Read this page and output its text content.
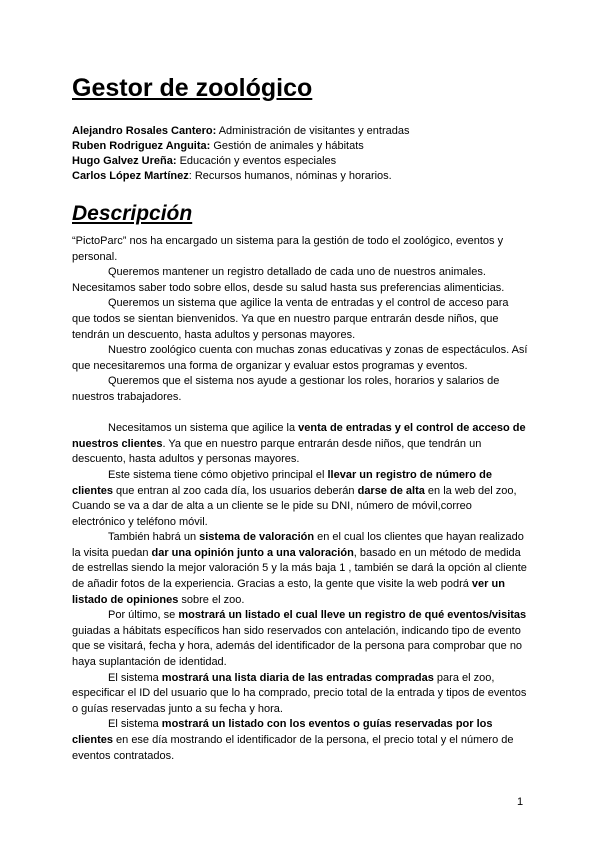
Gestor de zoológico
Alejandro Rosales Cantero: Administración de visitantes y entradas
Ruben Rodriguez Anguita: Gestión de animales y hábitats
Hugo Galvez Ureña: Educación y eventos especiales
Carlos López Martínez: Recursos humanos, nóminas y horarios.
Descripción

“PictoParc” nos ha encargado un sistema para la gestión de todo el zoológico, eventos y personal.

Queremos mantener un registro detallado de cada uno de nuestros animales. Necesitamos saber todo sobre ellos, desde su salud hasta sus preferencias alimenticias.

Queremos un sistema que agilice la venta de entradas y el control de acceso para que todos se sientan bienvenidos. Ya que en nuestro parque entrarán desde niños, que tendrán un descuento, hasta adultos y personas mayores.

Nuestro zoológico cuenta con muchas zonas educativas y zonas de espectáculos. Así que necesitaremos una forma de organizar y evaluar estos programas y eventos.

Queremos que el sistema nos ayude a gestionar los roles, horarios y salarios de nuestros trabajadores.

Necesitamos un sistema que agilice la venta de entradas y el control de acceso de nuestros clientes. Ya que en nuestro parque entrarán desde niños, que tendrán un descuento, hasta adultos y personas mayores.

Este sistema tiene cómo objetivo principal el llevar un registro de número de clientes que entran al zoo cada día, los usuarios deberán darse de alta en la web del zoo, Cuando se va a dar de alta a un cliente se le pide su DNI, número de móvil,correo electrónico y teléfono móvil.

También habrá un sistema de valoración en el cual los clientes que hayan realizado la visita puedan dar una opinión junto a una valoración, basado en un método de medida de estrellas siendo la mejor valoración 5 y la más baja 1 , también se dará la opción al cliente de añadir fotos de la experiencia. Gracias a esto, la gente que visite la web podrá ver un listado de opiniones sobre el zoo.

Por último, se mostrará un listado el cual lleve un registro de qué eventos/visitas guiadas a hábitats específicos han sido reservados con antelación, indicando tipo de evento que se visitará, fecha y hora, además del identificador de la persona para comprobar que no haya suplantación de identidad.

El sistema mostrará una lista diaria de las entradas compradas para el zoo, especificar el ID del usuario que lo ha comprado, precio total de la entrada y tipos de eventos o guías reservadas junto a su fecha y hora.

El sistema mostrará un listado con los eventos o guías reservadas por los clientes en ese día mostrando el identificador de la persona, el precio total y el número de eventos contratados.

1
